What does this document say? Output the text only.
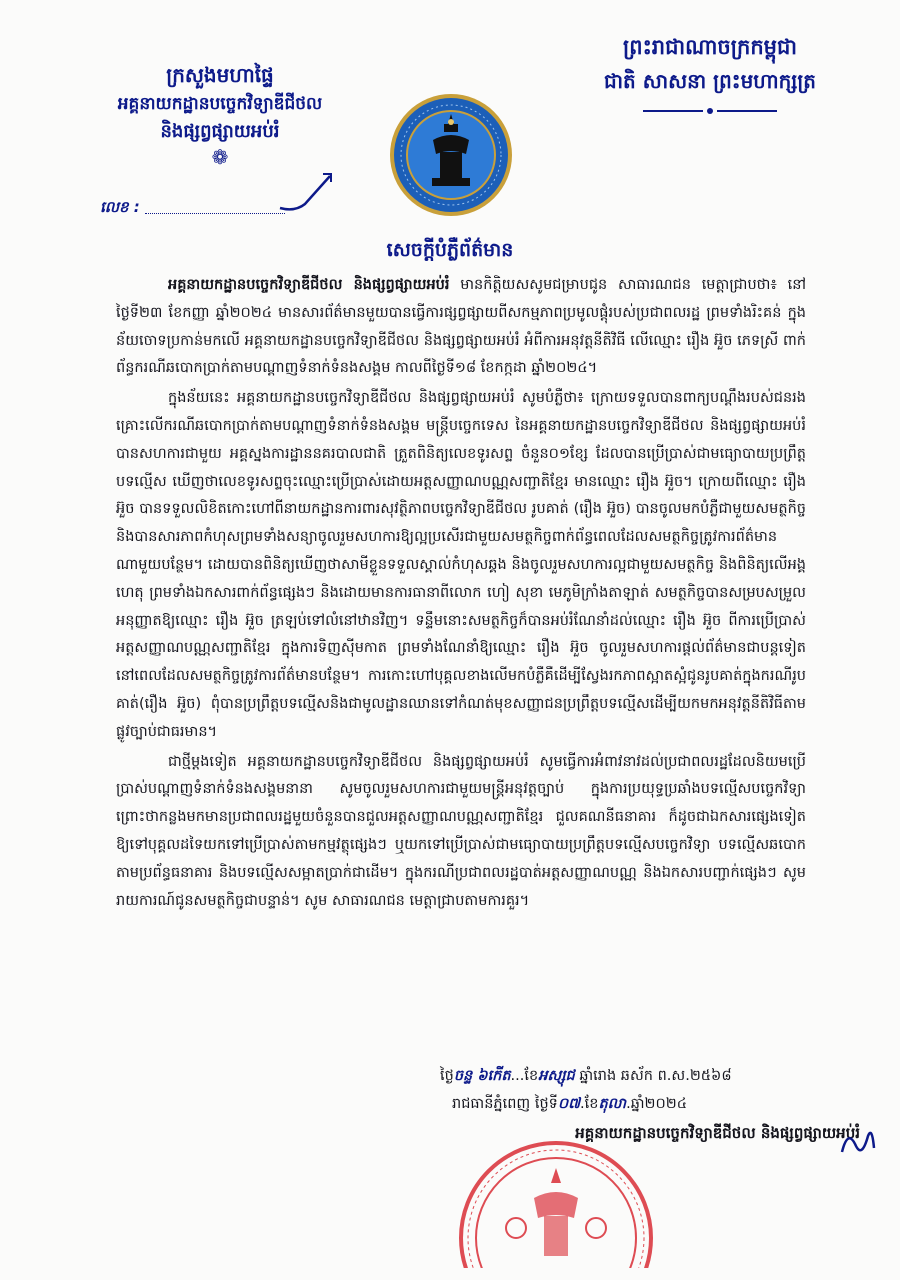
ក្រសួងមហាផ្ទៃ
អគ្គនាយកដ្ឋានបច្ចេកវិទ្យាឌីជីថល
និងផ្សព្វផ្សាយអប់រំ
❁
លេខ :
ព្រះរាជាណាចក្រកម្ពុជា
ជាតិ សាសនា ព្រះមហាក្សត្រ
សេចក្តីបំភ្លឺព័ត៌មាន

អគ្គនាយកដ្ឋានបច្ចេកវិទ្យាឌីជីថល និងផ្សព្វផ្សាយអប់រំ មានកិត្តិយសសូមជម្រាបជូន សាធារណជន មេត្តាជ្រាបថា៖ នៅថ្ងៃទី២៣ ខែកញ្ញា ឆ្នាំ២០២៤ មានសារព័ត៌មានមួយបានធ្វើការផ្សព្វផ្សាយពីសកម្មភាពប្រមូលផ្តុំរបស់ប្រជាពលរដ្ឋ ព្រមទាំងរិះគន់ ក្នុងន័យចោទប្រកាន់មកលើ អគ្គនាយកដ្ឋានបច្ចេកវិទ្យាឌីជីថល និងផ្សព្វផ្សាយអប់រំ អំពីការអនុវត្តនីតិវិធី លើឈ្មោះ រឿង អ៊ួច ភេទស្រី ពាក់ព័ន្ធករណីឆបោកប្រាក់តាមបណ្តាញទំនាក់ទំនងសង្គម កាលពីថ្ងៃទី១៨ ខែកក្កដា ឆ្នាំ២០២៤។

ក្នុងន័យនេះ អគ្គនាយកដ្ឋានបច្ចេកវិទ្យាឌីជីថល និងផ្សព្វផ្សាយអប់រំ សូមបំភ្លឺថា៖ ក្រោយទទួលបានពាក្យបណ្តឹងរបស់ជនរងគ្រោះលើករណីឆបោកប្រាក់តាមបណ្តាញទំនាក់ទំនងសង្គម មន្ត្រីបច្ចេកទេស នៃអគ្គនាយកដ្ឋានបច្ចេកវិទ្យាឌីជីថល និងផ្សព្វផ្សាយអប់រំ បានសហការជាមួយ អគ្គស្នងការដ្ឋាននគរបាលជាតិ ត្រួតពិនិត្យលេខទូរសព្ទ ចំនួន០១ខ្សែ ដែលបានប្រើប្រាស់ជាមធ្យោបាយប្រព្រឹត្តបទល្មើស ឃើញថាលេខទូរសព្ទចុះឈ្មោះប្រើប្រាស់ដោយអត្តសញ្ញាណបណ្ណសញ្ជាតិខ្មែរ មានឈ្មោះ រឿង អ៊ួច។ ក្រោយពីឈ្មោះ រឿង អ៊ួច បានទទួលលិខិតកោះហៅពីនាយកដ្ឋានការពារសុវត្ថិភាពបច្ចេកវិទ្យាឌីជីថល រូបគាត់ (រឿង អ៊ួច) បានចូលមកបំភ្លឺជាមួយសមត្ថកិច្ចនិងបានសារភាពកំហុសព្រមទាំងសន្យាចូលរួមសហការឱ្យល្អប្រសើរជាមួយសមត្ថកិច្ចពាក់ព័ន្ធពេលដែលសមត្ថកិច្ចត្រូវការព័ត៌មានណាមួយបន្ថែម។ ដោយបានពិនិត្យឃើញថាសាមីខ្លួនទទួលស្គាល់កំហុសឆ្គង និងចូលរួមសហការល្អជាមួយសមត្ថកិច្ច និងពិនិត្យលើអង្គហេតុ ព្រមទាំងឯកសារពាក់ព័ន្ធផ្សេងៗ និងដោយមានការធានាពីលោក ហៀ សុខា មេភូមិក្រាំងតាឡាត់ សមត្ថកិច្ចបានសម្របសម្រួលអនុញ្ញាតឱ្យឈ្មោះ រឿង អ៊ួច ត្រឡប់ទៅលំនៅឋានវិញ។ ទន្ទឹមនោះសមត្ថកិច្ចក៏បានអប់រំណែនាំដល់ឈ្មោះ រឿង អ៊ួច ពីការប្រើប្រាស់អត្តសញ្ញាណបណ្ណសញ្ជាតិខ្មែរ ក្នុងការទិញស៊ីមកាត ព្រមទាំងណែនាំឱ្យឈ្មោះ រឿង អ៊ួច ចូលរួមសហការផ្តល់ព័ត៌មានជាបន្តទៀតនៅពេលដែលសមត្ថកិច្ចត្រូវការព័ត៌មានបន្ថែម។ ការកោះហៅបុគ្គលខាងលើមកបំភ្លឺគឺដើម្បីស្វែងរកភាពស្អាតស្អំជូនរូបគាត់ក្នុងករណីរូបគាត់(រឿង អ៊ួច) ពុំបានប្រព្រឹត្តបទល្មើសនិងជាមូលដ្ឋានឈានទៅកំណត់មុខសញ្ញាជនប្រព្រឹត្តបទល្មើសដើម្បីយកមកអនុវត្តនីតិវិធីតាមផ្លូវច្បាប់ជាធរមាន។

ជាថ្មីម្តងទៀត អគ្គនាយកដ្ឋានបច្ចេកវិទ្យាឌីជីថល និងផ្សព្វផ្សាយអប់រំ សូមធ្វើការអំពាវនាវដល់ប្រជាពលរដ្ឋដែលនិយមប្រើប្រាស់បណ្តាញទំនាក់ទំនងសង្គមនានា សូមចូលរួមសហការជាមួយមន្ត្រីអនុវត្តច្បាប់ ក្នុងការប្រយុទ្ធប្រឆាំងបទល្មើសបច្ចេកវិទ្យា ព្រោះថាកន្លងមកមានប្រជាពលរដ្ឋមួយចំនួនបានជួលអត្តសញ្ញាណបណ្ណសញ្ជាតិខ្មែរ ជួលគណនីធនាគារ ក៏ដូចជាឯកសារផ្សេងទៀតឱ្យទៅបុគ្គលដទៃយកទៅប្រើប្រាស់តាមកម្មវត្ថុផ្សេងៗ ឬយកទៅប្រើប្រាស់ជាមធ្យោបាយប្រព្រឹត្តបទល្មើសបច្ចេកវិទ្យា បទល្មើសឆបោកតាមប្រព័ន្ធធនាគារ និងបទល្មើសសម្អាតប្រាក់ជាដើម។ ក្នុងករណីប្រជាពលរដ្ឋបាត់អត្តសញ្ញាណបណ្ណ និងឯកសារបញ្ជាក់ផ្សេងៗ សូមរាយការណ៍ជូនសមត្ថកិច្ចជាបន្ទាន់។ សូម សាធារណជន មេត្តាជ្រាបតាមការគួរ។

ថ្ងៃចន្ទ ៦កើត...ខែអស្សុជ ឆ្នាំរោង ឆស័ក ព.ស.២៥៦៨
រាជធានីភ្នំពេញ ថ្ងៃទី០៧.ខែតុលា.ឆ្នាំ២០២៤
អគ្គនាយកដ្ឋានបច្ចេកវិទ្យាឌីជីថល និងផ្សព្វផ្សាយអប់រំ
